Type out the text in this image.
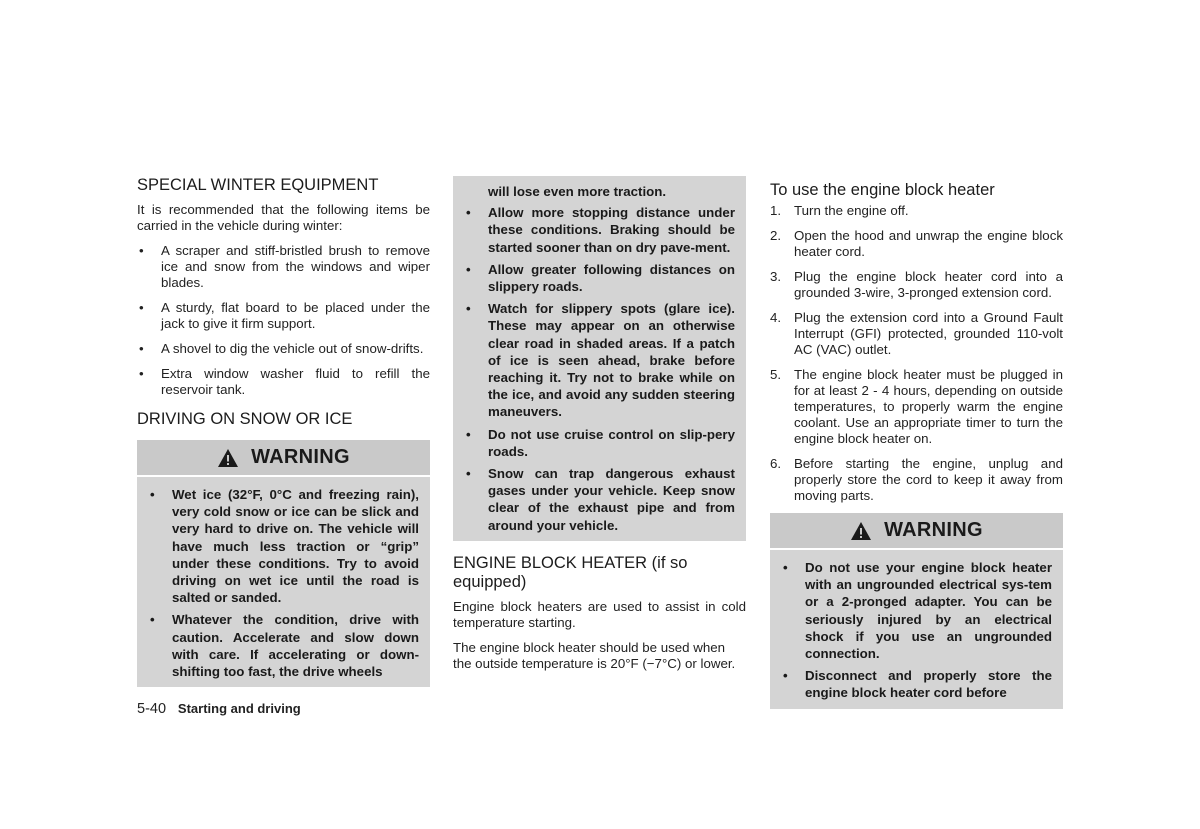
SPECIAL WINTER EQUIPMENT

It is recommended that the following items be carried in the vehicle during winter:

• A scraper and stiff-bristled brush to remove ice and snow from the windows and wiper blades.
• A sturdy, flat board to be placed under the jack to give it firm support.
• A shovel to dig the vehicle out of snow-drifts.
• Extra window washer fluid to refill the reservoir tank.
DRIVING ON SNOW OR ICE
WARNING
• Wet ice (32°F, 0°C and freezing rain), very cold snow or ice can be slick and very hard to drive on. The vehicle will have much less traction or “grip” under these conditions. Try to avoid driving on wet ice until the road is salted or sanded.
• Whatever the condition, drive with caution. Accelerate and slow down with care. If accelerating or down-shifting too fast, the drive wheels
will lose even more traction.
• Allow more stopping distance under these conditions. Braking should be started sooner than on dry pave-ment.
• Allow greater following distances on slippery roads.
• Watch for slippery spots (glare ice). These may appear on an otherwise clear road in shaded areas. If a patch of ice is seen ahead, brake before reaching it. Try not to brake while on the ice, and avoid any sudden steering maneuvers.
• Do not use cruise control on slip-pery roads.
• Snow can trap dangerous exhaust gases under your vehicle. Keep snow clear of the exhaust pipe and from around your vehicle.
ENGINE BLOCK HEATER (if so equipped)

Engine block heaters are used to assist in cold temperature starting.

The engine block heater should be used when the outside temperature is 20°F (−7°C) or lower.

To use the engine block heater
1. Turn the engine off.
2. Open the hood and unwrap the engine block heater cord.
3. Plug the engine block heater cord into a grounded 3-wire, 3-pronged extension cord.
4. Plug the extension cord into a Ground Fault Interrupt (GFI) protected, grounded 110-volt AC (VAC) outlet.
5. The engine block heater must be plugged in for at least 2 - 4 hours, depending on outside temperatures, to properly warm the engine coolant. Use an appropriate timer to turn the engine block heater on.
6. Before starting the engine, unplug and properly store the cord to keep it away from moving parts.
WARNING
• Do not use your engine block heater with an ungrounded electrical sys-tem or a 2-pronged adapter. You can be seriously injured by an electrical shock if you use an ungrounded connection.
• Disconnect and properly store the engine block heater cord before
5-40 Starting and driving
